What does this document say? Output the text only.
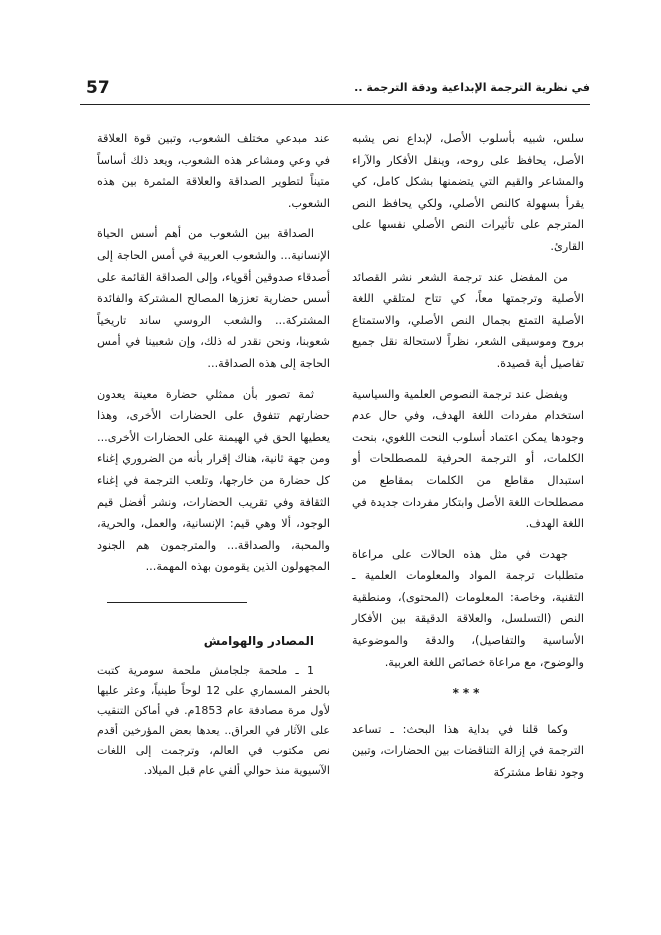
57	في نظرية الترجمة الإبداعية ودقة الترجمة ..

سلس، شبيه بأسلوب الأصل، لإبداع نص يشبه الأصل، يحافظ على روحه، وينقل الأفكار والآراء والمشاعر والقيم التي يتضمنها بشكل كامل، كي يقرأ بسهولة كالنص الأصلي، ولكي يحافظ النص المترجم على تأثيرات النص الأصلي نفسها على القارئ.

من المفضل عند ترجمة الشعر نشر القصائد الأصلية وترجمتها معاً، كي تتاح لمتلقي اللغة الأصلية التمتع بجمال النص الأصلي، والاستمتاع بروح وموسيقى الشعر، نظراً لاستحالة نقل جميع تفاصيل أية قصيدة.

ويفضل عند ترجمة النصوص العلمية والسياسية استخدام مفردات اللغة الهدف، وفي حال عدم وجودها يمكن اعتماد أسلوب النحت اللغوي، بنحت الكلمات، أو الترجمة الحرفية للمصطلحات أو استبدال مقاطع من الكلمات بمقاطع من مصطلحات اللغة الأصل وابتكار مفردات جديدة في اللغة الهدف.

جهدت في مثل هذه الحالات على مراعاة متطلبات ترجمة المواد والمعلومات العلمية ـ التقنية، وخاصة: المعلومات (المحتوى)، ومنطقية النص (التسلسل، والعلاقة الدقيقة بين الأفكار الأساسية والتفاصيل)، والدقة والموضوعية والوضوح، مع مراعاة خصائص اللغة العربية.

***

وكما قلنا في بداية هذا البحث: ـ تساعد الترجمة في إزالة التناقضات بين الحضارات، وتبين وجود نقاط مشتركة

عند مبدعي مختلف الشعوب، وتبين قوة العلاقة في وعي ومشاعر هذه الشعوب، ويعد ذلك أساساً متيناً لتطوير الصداقة والعلاقة المثمرة بين هذه الشعوب.

الصداقة بين الشعوب من أهم أسس الحياة الإنسانية... والشعوب العربية في أمس الحاجة إلى أصدقاء صدوقين أقوياء، وإلى الصداقة القائمة على أسس حضارية تعززها المصالح المشتركة والفائدة المشتركة... والشعب الروسي ساند تاريخياً شعوبنا، ونحن نقدر له ذلك، وإن شعبينا في أمس الحاجة إلى هذه الصداقة...

ثمة تصور بأن ممثلي حضارة معينة يعدون حضارتهم تتفوق على الحضارات الأخرى، وهذا يعطيها الحق في الهيمنة على الحضارات الأخرى... ومن جهة ثانية، هناك إقرار بأنه من الضروري إغناء كل حضارة من خارجها، وتلعب الترجمة في إغناء الثقافة وفي تقريب الحضارات، ونشر أفضل قيم الوجود، ألا وهي قيم: الإنسانية، والعمل، والحرية، والمحبة، والصداقة... والمترجمون هم الجنود المجهولون الذين يقومون بهذه المهمة...

المصادر والهوامش

1 ـ ملحمة جلجامش ملحمة سومرية كتبت بالحفر المسماري على 12 لوحاً طينياً، وعثر عليها لأول مرة مصادفة عام 1853م. في أماكن التنقيب على الآثار في العراق.. يعدها بعض المؤرخين أقدم نص مكتوب في العالم، وترجمت إلى اللغات الآسيوية منذ حوالي ألفي عام قبل الميلاد.
